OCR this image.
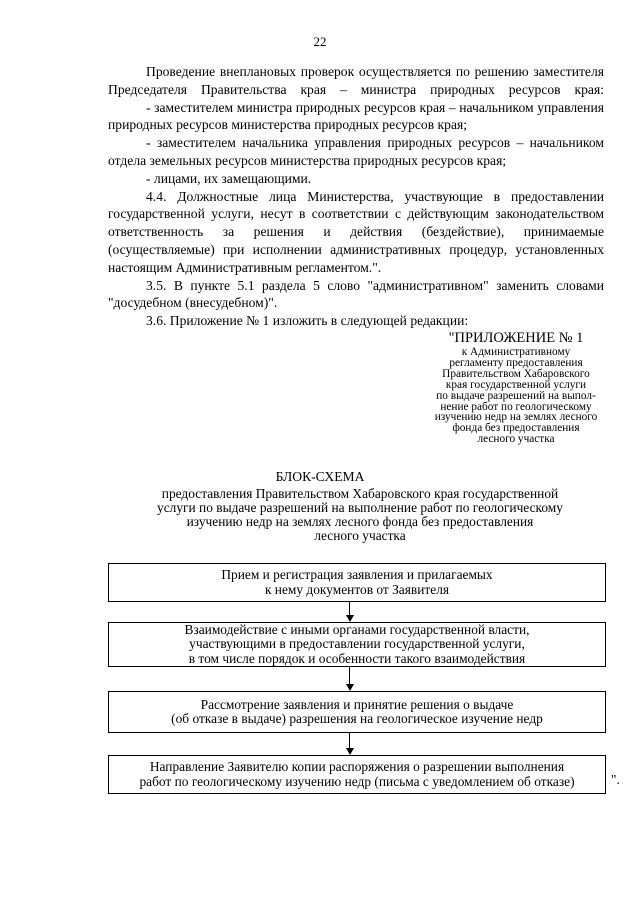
22

Проведение внеплановых проверок осуществляется по решению заместителя Председателя Правительства края – министра природных ресурсов края:

- заместителем министра природных ресурсов края – начальником управления природных ресурсов министерства природных ресурсов края;

- заместителем начальника управления природных ресурсов – начальником отдела земельных ресурсов министерства природных ресурсов края;

- лицами, их замещающими.

4.4. Должностные лица Министерства, участвующие в предоставлении государственной услуги, несут в соответствии с действующим законодательством ответственность за решения и действия (бездействие), принимаемые (осуществляемые) при исполнении административных процедур, установленных настоящим Административным регламентом.".

3.5. В пункте 5.1 раздела 5 слово "административном" заменить словами "досудебном (внесудебном)".

3.6. Приложение № 1 изложить в следующей редакции:

"ПРИЛОЖЕНИЕ № 1
к Административному
регламенту предоставления
Правительством Хабаровского
края государственной услуги
по выдаче разрешений на выпол-
нение работ по геологическому
изучению недр на землях лесного
фонда без предоставления
лесного участка
БЛОК-СХЕМА
предоставления Правительством Хабаровского края государственной
услуги по выдаче разрешений на выполнение работ по геологическому
изучению недр на землях лесного фонда без предоставления
лесного участка
Прием и регистрация заявления и прилагаемых
к нему документов от Заявителя
Взаимодействие с иными органами государственной власти,
участвующими в предоставлении государственной услуги,
в том числе порядок и особенности такого взаимодействия
Рассмотрение заявления и принятие решения о выдаче
(об отказе в выдаче) разрешения на геологическое изучение недр
Направление Заявителю копии распоряжения о разрешении выполнения
работ по геологическому изучению недр (письма с уведомлением об отказе)	".
